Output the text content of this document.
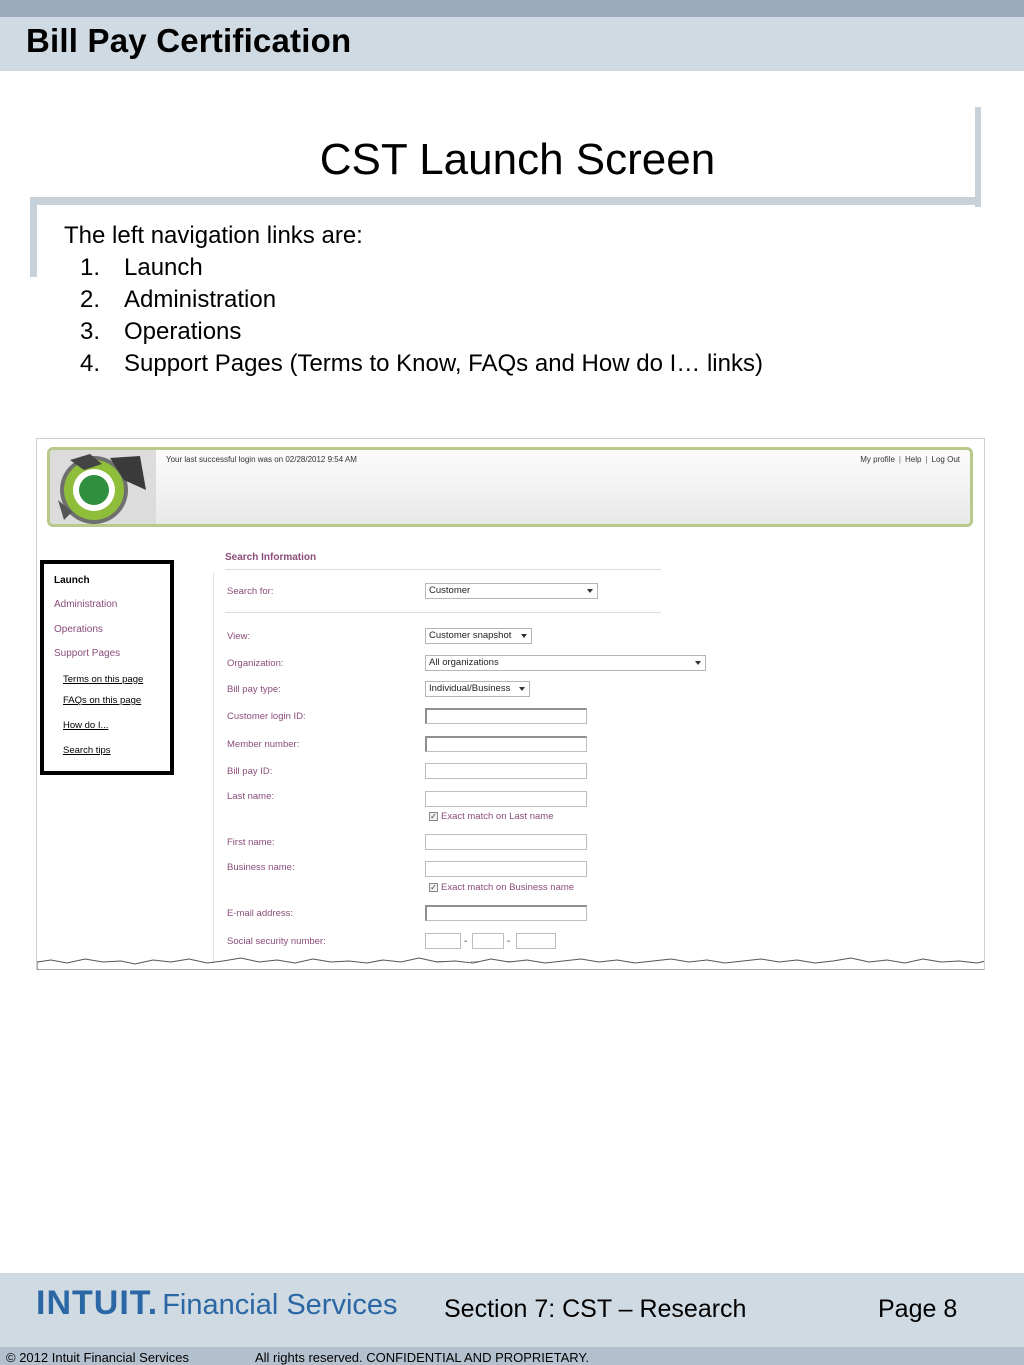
Bill Pay Certification
CST Launch Screen
The left navigation links are:
1. Launch
2. Administration
3. Operations
4. Support Pages (Terms to Know, FAQs and How do I… links)
Your last successful login was on 02/28/2012 9:54 AM	My profile | Help | Log Out
Launch
Administration
Operations
Support Pages
Terms on this page
FAQs on this page
How do I...
Search tips
Search Information
Search for:	Customer
View:	Customer snapshot
Organization:	All organizations
Bill pay type:	Individual/Business
Customer login ID:
Member number:
Bill pay ID:
Last name:
✓ Exact match on Last name
First name:
Business name:
✓ Exact match on Business name
E-mail address:
Social security number:	-	-
INTUIT. Financial Services Section 7: CST – Research	Page 8
© 2012 Intuit Financial Services	All rights reserved. CONFIDENTIAL AND PROPRIETARY.
